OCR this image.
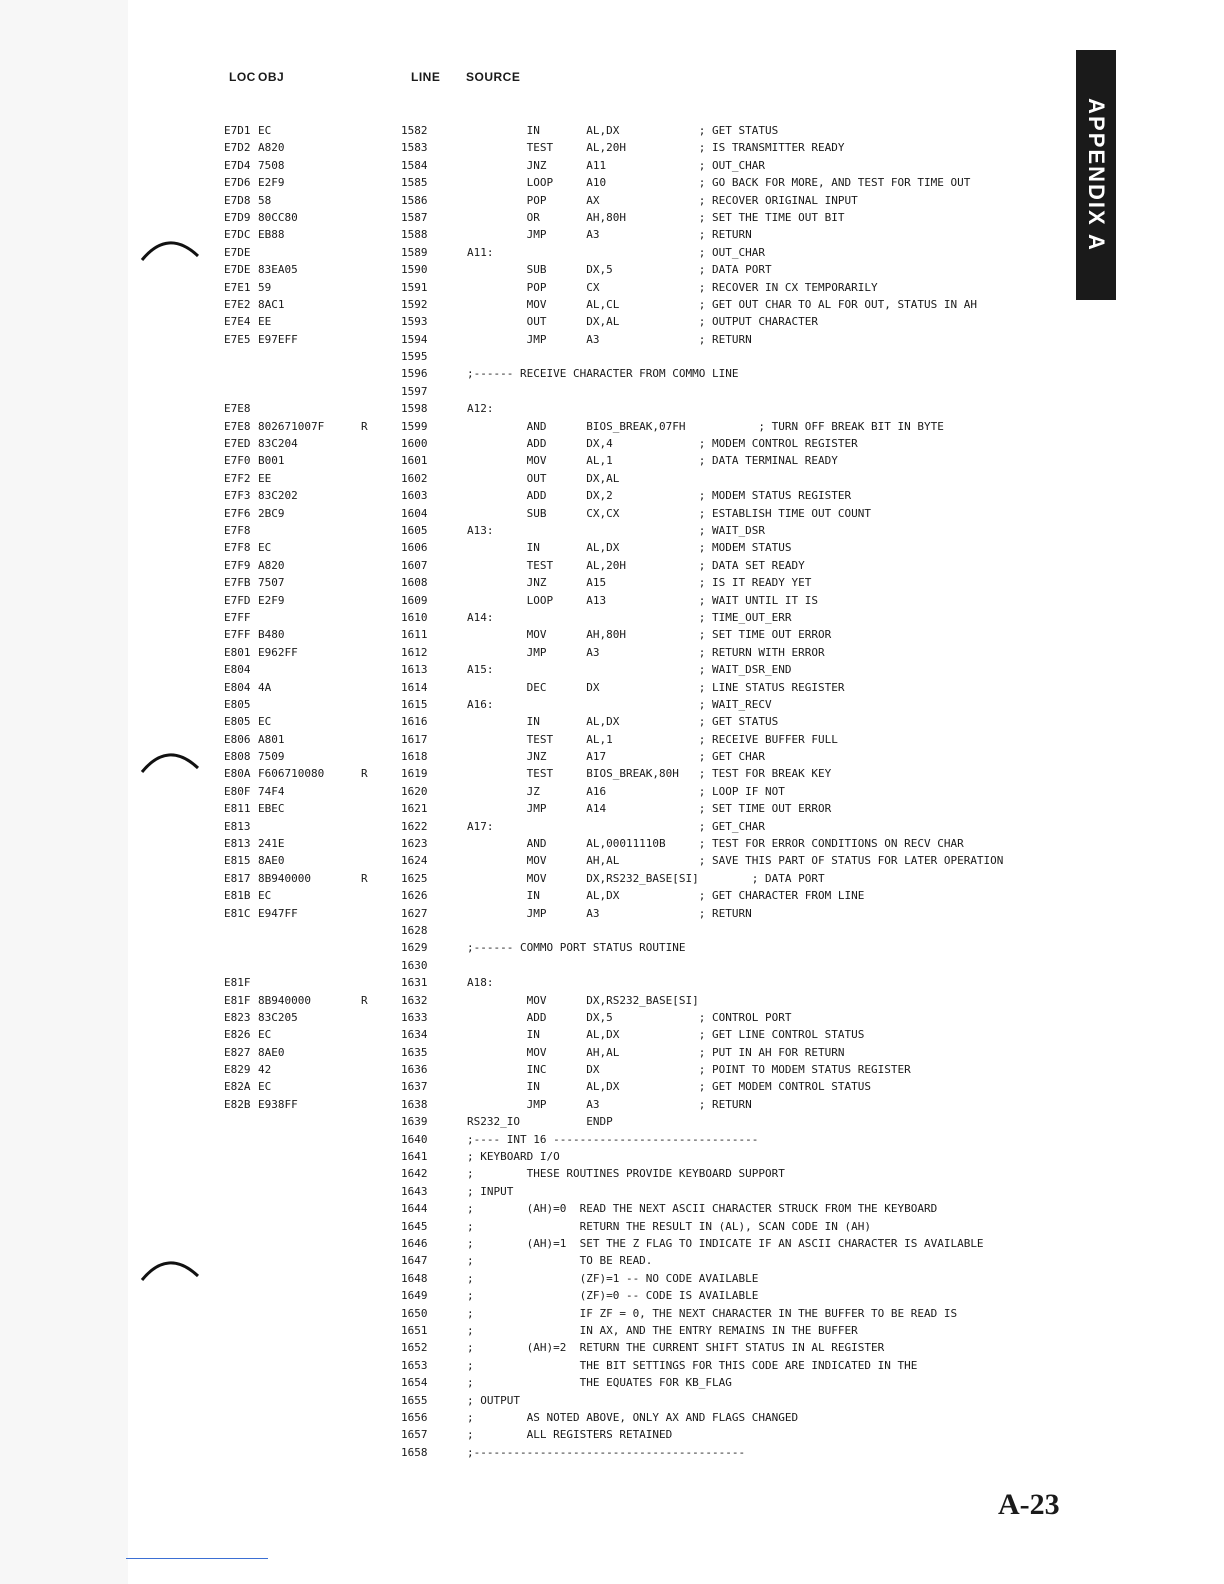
LOC OBJ	LINE SOURCE
APPENDIX A
E7D1 EC	1582	IN       AL,DX            ; GET STATUS
E7D2 A820	1583	TEST     AL,20H           ; IS TRANSMITTER READY
E7D4 7508	1584	JNZ      A11              ; OUT_CHAR
E7D6 E2F9	1585	LOOP     A10              ; GO BACK FOR MORE, AND TEST FOR TIME OUT
E7D8 58	1586	POP      AX               ; RECOVER ORIGINAL INPUT
E7D9 80CC80	1587	OR       AH,80H           ; SET THE TIME OUT BIT
E7DC EB88	1588	JMP      A3               ; RETURN
E7DE	1589	A11:                               ; OUT_CHAR
E7DE 83EA05	1590	SUB      DX,5             ; DATA PORT
E7E1 59	1591	POP      CX               ; RECOVER IN CX TEMPORARILY
E7E2 8AC1	1592	MOV      AL,CL            ; GET OUT CHAR TO AL FOR OUT, STATUS IN AH
E7E4 EE	1593	OUT      DX,AL            ; OUTPUT CHARACTER
E7E5 E97EFF	1594	JMP      A3               ; RETURN
1595
1596	;------ RECEIVE CHARACTER FROM COMMO LINE
1597
E7E8	1598	A12:
E7E8 802671007F	R	1599	AND      BIOS_BREAK,07FH           ; TURN OFF BREAK BIT IN BYTE
E7ED 83C204	1600	ADD      DX,4             ; MODEM CONTROL REGISTER
E7F0 B001	1601	MOV      AL,1             ; DATA TERMINAL READY
E7F2 EE	1602	OUT      DX,AL
E7F3 83C202	1603	ADD      DX,2             ; MODEM STATUS REGISTER
E7F6 2BC9	1604	SUB      CX,CX            ; ESTABLISH TIME OUT COUNT
E7F8	1605	A13:                               ; WAIT_DSR
E7F8 EC	1606	IN       AL,DX            ; MODEM STATUS
E7F9 A820	1607	TEST     AL,20H           ; DATA SET READY
E7FB 7507	1608	JNZ      A15              ; IS IT READY YET
E7FD E2F9	1609	LOOP     A13              ; WAIT UNTIL IT IS
E7FF	1610	A14:                               ; TIME_OUT_ERR
E7FF B480	1611	MOV      AH,80H           ; SET TIME OUT ERROR
E801 E962FF	1612	JMP      A3               ; RETURN WITH ERROR
E804	1613	A15:                               ; WAIT_DSR_END
E804 4A	1614	DEC      DX               ; LINE STATUS REGISTER
E805	1615	A16:                               ; WAIT_RECV
E805 EC	1616	IN       AL,DX            ; GET STATUS
E806 A801	1617	TEST     AL,1             ; RECEIVE BUFFER FULL
E808 7509	1618	JNZ      A17              ; GET CHAR
E80A F606710080	R	1619	TEST     BIOS_BREAK,80H   ; TEST FOR BREAK KEY
E80F 74F4	1620	JZ       A16              ; LOOP IF NOT
E811 EBEC	1621	JMP      A14              ; SET TIME OUT ERROR
E813	1622	A17:                               ; GET_CHAR
E813 241E	1623	AND      AL,00011110B     ; TEST FOR ERROR CONDITIONS ON RECV CHAR
E815 8AE0	1624	MOV      AH,AL            ; SAVE THIS PART OF STATUS FOR LATER OPERATION
E817 8B940000	R	1625	MOV      DX,RS232_BASE[SI]        ; DATA PORT
E81B EC	1626	IN       AL,DX            ; GET CHARACTER FROM LINE
E81C E947FF	1627	JMP      A3               ; RETURN
1628
1629	;------ COMMO PORT STATUS ROUTINE
1630
E81F	1631	A18:
E81F 8B940000	R	1632	MOV      DX,RS232_BASE[SI]
E823 83C205	1633	ADD      DX,5             ; CONTROL PORT
E826 EC	1634	IN       AL,DX            ; GET LINE CONTROL STATUS
E827 8AE0	1635	MOV      AH,AL            ; PUT IN AH FOR RETURN
E829 42	1636	INC      DX               ; POINT TO MODEM STATUS REGISTER
E82A EC	1637	IN       AL,DX            ; GET MODEM CONTROL STATUS
E82B E938FF	1638	JMP      A3               ; RETURN
1639	RS232_IO          ENDP
1640	;---- INT 16 -------------------------------
1641	; KEYBOARD I/O
1642	;        THESE ROUTINES PROVIDE KEYBOARD SUPPORT
1643	; INPUT
1644	;        (AH)=0  READ THE NEXT ASCII CHARACTER STRUCK FROM THE KEYBOARD
1645	;                RETURN THE RESULT IN (AL), SCAN CODE IN (AH)
1646	;        (AH)=1  SET THE Z FLAG TO INDICATE IF AN ASCII CHARACTER IS AVAILABLE
1647	;                TO BE READ.
1648	;                (ZF)=1 -- NO CODE AVAILABLE
1649	;                (ZF)=0 -- CODE IS AVAILABLE
1650	;                IF ZF = 0, THE NEXT CHARACTER IN THE BUFFER TO BE READ IS
1651	;                IN AX, AND THE ENTRY REMAINS IN THE BUFFER
1652	;        (AH)=2  RETURN THE CURRENT SHIFT STATUS IN AL REGISTER
1653	;                THE BIT SETTINGS FOR THIS CODE ARE INDICATED IN THE
1654	;                THE EQUATES FOR KB_FLAG
1655	; OUTPUT
1656	;        AS NOTED ABOVE, ONLY AX AND FLAGS CHANGED
1657	;        ALL REGISTERS RETAINED
1658	;-----------------------------------------
A-23
